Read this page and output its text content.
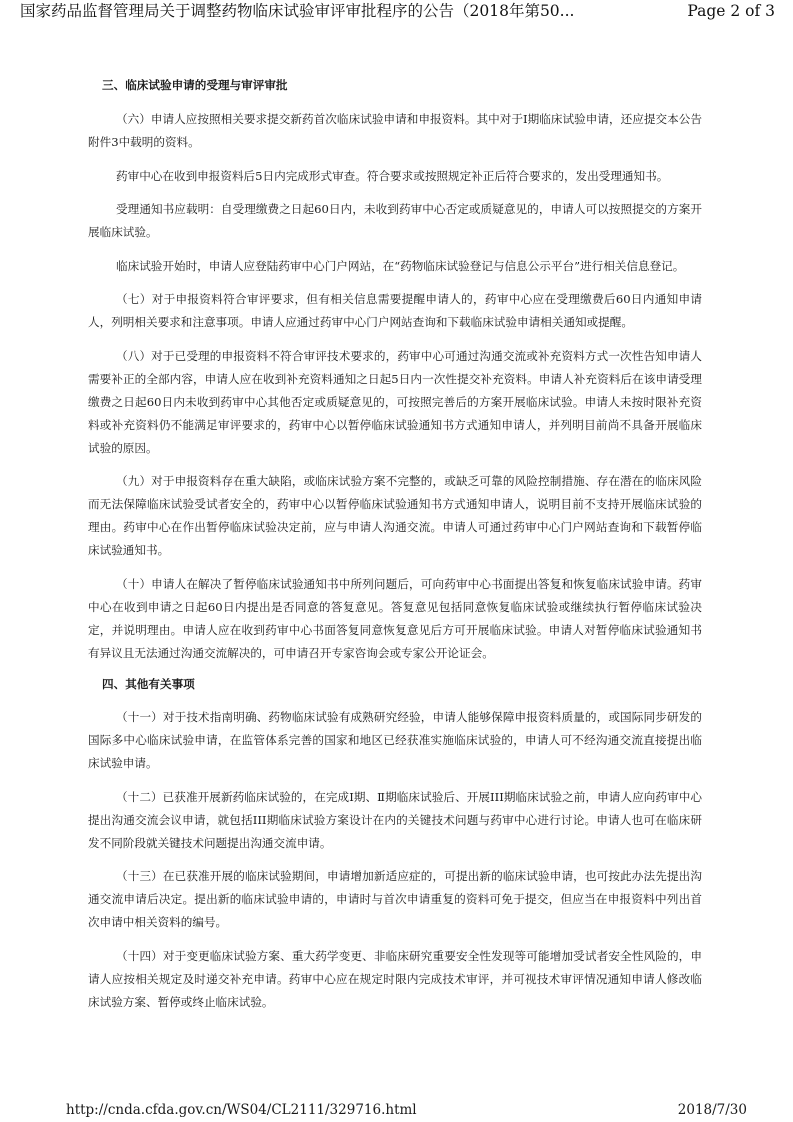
国家药品监督管理局关于调整药物临床试验审评审批程序的公告（2018年第50...	Page 2 of 3

三、临床试验申请的受理与审评审批

（六）申请人应按照相关要求提交新药首次临床试验申请和申报资料。其中对于I期临床试验申请，还应提交本公告附件3中载明的资料。

药审中心在收到申报资料后5日内完成形式审查。符合要求或按照规定补正后符合要求的，发出受理通知书。

受理通知书应载明：自受理缴费之日起60日内，未收到药审中心否定或质疑意见的，申请人可以按照提交的方案开展临床试验。

临床试验开始时，申请人应登陆药审中心门户网站，在“药物临床试验登记与信息公示平台”进行相关信息登记。

（七）对于申报资料符合审评要求，但有相关信息需要提醒申请人的，药审中心应在受理缴费后60日内通知申请人，列明相关要求和注意事项。申请人应通过药审中心门户网站查询和下载临床试验申请相关通知或提醒。

（八）对于已受理的申报资料不符合审评技术要求的，药审中心可通过沟通交流或补充资料方式一次性告知申请人需要补正的全部内容，申请人应在收到补充资料通知之日起5日内一次性提交补充资料。申请人补充资料后在该申请受理缴费之日起60日内未收到药审中心其他否定或质疑意见的，可按照完善后的方案开展临床试验。申请人未按时限补充资料或补充资料仍不能满足审评要求的，药审中心以暂停临床试验通知书方式通知申请人，并列明目前尚不具备开展临床试验的原因。

（九）对于申报资料存在重大缺陷，或临床试验方案不完整的，或缺乏可靠的风险控制措施、存在潜在的临床风险而无法保障临床试验受试者安全的，药审中心以暂停临床试验通知书方式通知申请人，说明目前不支持开展临床试验的理由。药审中心在作出暂停临床试验决定前，应与申请人沟通交流。申请人可通过药审中心门户网站查询和下载暂停临床试验通知书。

（十）申请人在解决了暂停临床试验通知书中所列问题后，可向药审中心书面提出答复和恢复临床试验申请。药审中心在收到申请之日起60日内提出是否同意的答复意见。答复意见包括同意恢复临床试验或继续执行暂停临床试验决定，并说明理由。申请人应在收到药审中心书面答复同意恢复意见后方可开展临床试验。申请人对暂停临床试验通知书有异议且无法通过沟通交流解决的，可申请召开专家咨询会或专家公开论证会。

四、其他有关事项

（十一）对于技术指南明确、药物临床试验有成熟研究经验，申请人能够保障申报资料质量的，或国际同步研发的国际多中心临床试验申请，在监管体系完善的国家和地区已经获准实施临床试验的，申请人可不经沟通交流直接提出临床试验申请。

（十二）已获准开展新药临床试验的，在完成Ⅰ期、Ⅱ期临床试验后、开展III期临床试验之前，申请人应向药审中心提出沟通交流会议申请，就包括III期临床试验方案设计在内的关键技术问题与药审中心进行讨论。申请人也可在临床研发不同阶段就关键技术问题提出沟通交流申请。

（十三）在已获准开展的临床试验期间，申请增加新适应症的，可提出新的临床试验申请，也可按此办法先提出沟通交流申请后决定。提出新的临床试验申请的，申请时与首次申请重复的资料可免于提交，但应当在申报资料中列出首次申请中相关资料的编号。

（十四）对于变更临床试验方案、重大药学变更、非临床研究重要安全性发现等可能增加受试者安全性风险的，申请人应按相关规定及时递交补充申请。药审中心应在规定时限内完成技术审评，并可视技术审评情况通知申请人修改临床试验方案、暂停或终止临床试验。

http://cnda.cfda.gov.cn/WS04/CL2111/329716.html	2018/7/30
